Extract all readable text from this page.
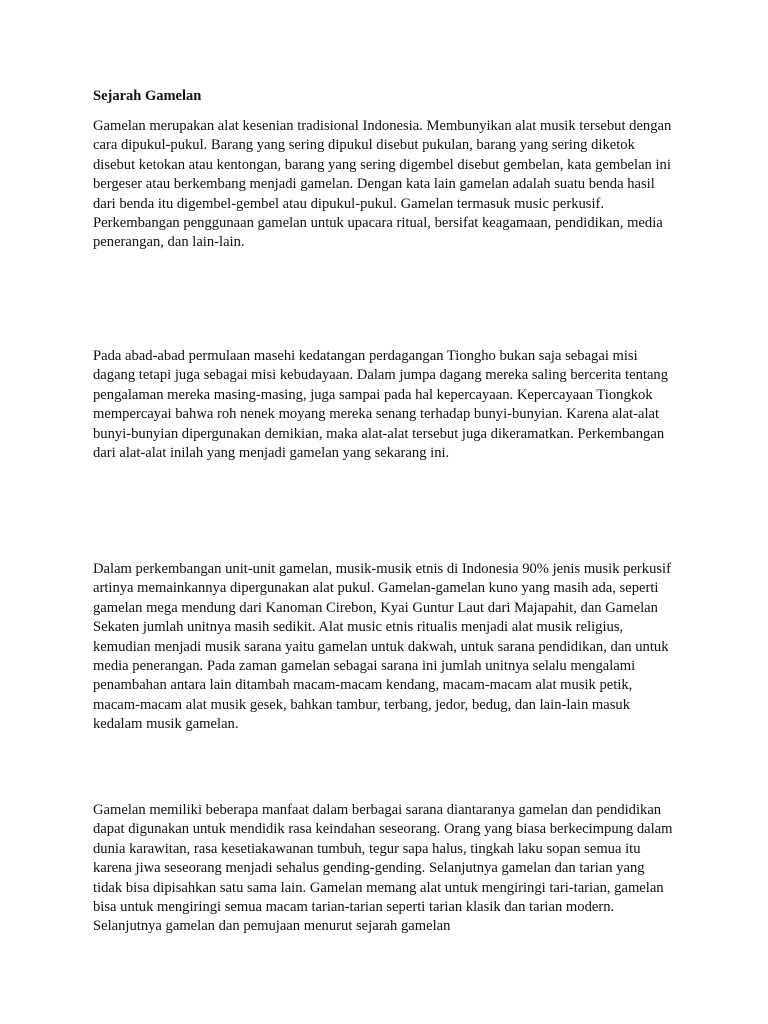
Sejarah Gamelan

Gamelan merupakan alat kesenian tradisional Indonesia. Membunyikan alat musik tersebut dengan cara dipukul-pukul. Barang yang sering dipukul disebut pukulan, barang yang sering diketok disebut ketokan atau kentongan, barang yang sering digembel disebut gembelan, kata gembelan ini bergeser atau berkembang menjadi gamelan. Dengan kata lain gamelan adalah suatu benda hasil dari benda itu digembel-gembel atau dipukul-pukul. Gamelan termasuk music perkusif. Perkembangan penggunaan gamelan untuk upacara ritual, bersifat keagamaan, pendidikan, media penerangan, dan lain-lain.

Pada abad-abad permulaan masehi kedatangan perdagangan Tiongho bukan saja sebagai misi dagang tetapi juga sebagai misi kebudayaan. Dalam jumpa dagang mereka saling bercerita tentang pengalaman mereka masing-masing, juga sampai pada hal kepercayaan. Kepercayaan Tiongkok mempercayai bahwa roh nenek moyang mereka senang terhadap bunyi-bunyian. Karena alat-alat bunyi-bunyian dipergunakan demikian, maka alat-alat tersebut juga dikeramatkan. Perkembangan dari alat-alat inilah yang menjadi gamelan yang sekarang ini.

Dalam perkembangan unit-unit gamelan, musik-musik etnis di Indonesia 90% jenis musik perkusif artinya memainkannya dipergunakan alat pukul. Gamelan-gamelan kuno yang masih ada, seperti gamelan mega mendung dari Kanoman Cirebon, Kyai Guntur Laut dari Majapahit, dan Gamelan Sekaten jumlah unitnya masih sedikit. Alat music etnis ritualis menjadi alat musik religius, kemudian menjadi musik sarana yaitu gamelan untuk dakwah, untuk sarana pendidikan, dan untuk media penerangan. Pada zaman gamelan sebagai sarana ini jumlah unitnya selalu mengalami penambahan antara lain ditambah macam-macam kendang, macam-macam alat musik petik, macam-macam alat musik gesek, bahkan tambur, terbang, jedor, bedug, dan lain-lain masuk kedalam musik gamelan.

Gamelan memiliki beberapa manfaat dalam berbagai sarana diantaranya gamelan dan pendidikan dapat digunakan untuk mendidik rasa keindahan seseorang. Orang yang biasa berkecimpung dalam dunia karawitan, rasa kesetiakawanan tumbuh, tegur sapa halus, tingkah laku sopan semua itu karena jiwa seseorang menjadi sehalus gending-gending. Selanjutnya gamelan dan tarian yang tidak bisa dipisahkan satu sama lain. Gamelan memang alat untuk mengiringi tari-tarian, gamelan bisa untuk mengiringi semua macam tarian-tarian seperti tarian klasik dan tarian modern. Selanjutnya gamelan dan pemujaan menurut sejarah gamelan
